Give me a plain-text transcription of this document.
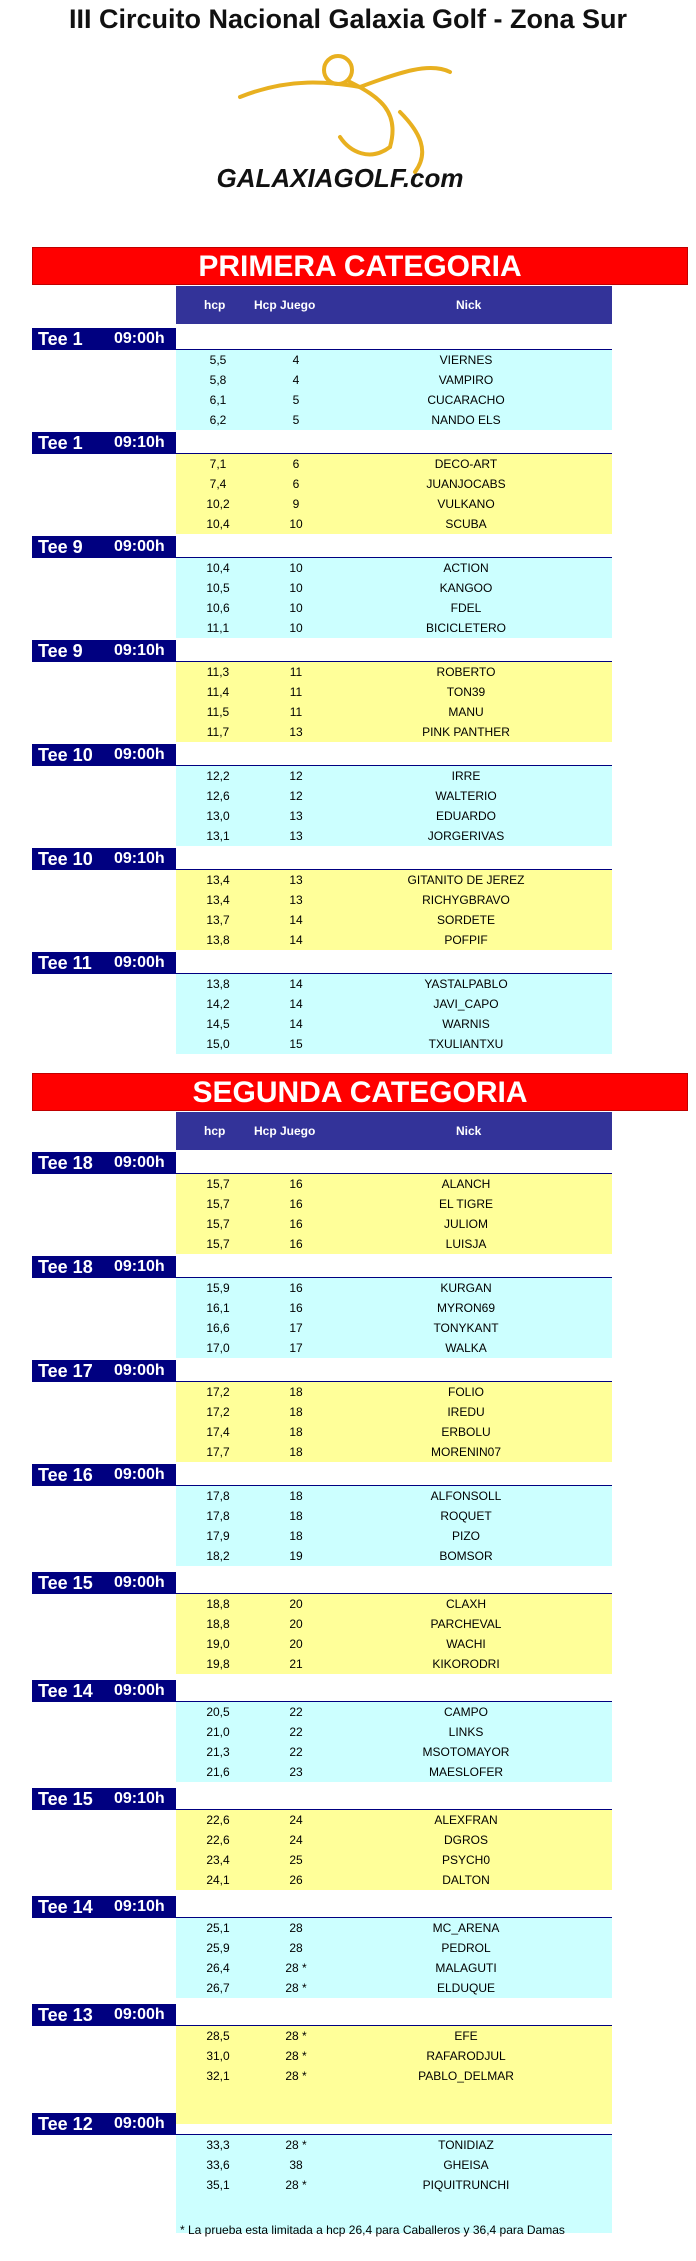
III Circuito Nacional Galaxia Golf - Zona Sur
GALAXIAGOLF.com
PRIMERA CATEGORIA
hcp Hcp Juego	Nick
Tee 1 09:00h
5,5	4	VIERNES
5,8	4	VAMPIRO
6,1	5	CUCARACHO
6,2	5	NANDO ELS
Tee 1 09:10h
7,1	6	DECO-ART
7,4	6	JUANJOCABS
10,2	9	VULKANO
10,4	10	SCUBA
Tee 9 09:00h
10,4	10	ACTION
10,5	10	KANGOO
10,6	10	FDEL
11,1	10	BICICLETERO
Tee 9 09:10h
11,3	11	ROBERTO
11,4	11	TON39
11,5	11	MANU
11,7	13	PINK PANTHER
Tee 10 09:00h
12,2	12	IRRE
12,6	12	WALTERIO
13,0	13	EDUARDO
13,1	13	JORGERIVAS
Tee 10 09:10h
13,4	13	GITANITO DE JEREZ
13,4	13	RICHYGBRAVO
13,7	14	SORDETE
13,8	14	POFPIF
Tee 11 09:00h
13,8	14	YASTALPABLO
14,2	14	JAVI_CAPO
14,5	14	WARNIS
15,0	15	TXULIANTXU
SEGUNDA CATEGORIA
hcp Hcp Juego	Nick
Tee 18 09:00h
15,7	16	ALANCH
15,7	16	EL TIGRE
15,7	16	JULIOM
15,7	16	LUISJA
Tee 18 09:10h
15,9	16	KURGAN
16,1	16	MYRON69
16,6	17	TONYKANT
17,0	17	WALKA
Tee 17 09:00h
17,2	18	FOLIO
17,2	18	IREDU
17,4	18	ERBOLU
17,7	18	MORENIN07
Tee 16 09:00h
17,8	18	ALFONSOLL
17,8	18	ROQUET
17,9	18	PIZO
18,2	19	BOMSOR
Tee 15 09:00h
18,8	20	CLAXH
18,8	20	PARCHEVAL
19,0	20	WACHI
19,8	21	KIKORODRI
Tee 14 09:00h
20,5	22	CAMPO
21,0	22	LINKS
21,3	22	MSOTOMAYOR
21,6	23	MAESLOFER
Tee 15 09:10h
22,6	24	ALEXFRAN
22,6	24	DGROS
23,4	25	PSYCH0
24,1	26	DALTON
Tee 14 09:10h
25,1	28	MC_ARENA
25,9	28	PEDROL
26,4	28 *	MALAGUTI
26,7	28 *	ELDUQUE
Tee 13 09:00h
28,5	28 *	EFE
31,0	28 *	RAFARODJUL
32,1	28 *	PABLO_DELMAR
Tee 12 09:00h
33,3	28 *	TONIDIAZ
33,6	38	GHEISA
35,1	28 *	PIQUITRUNCHI
* La prueba esta limitada a hcp 26,4 para Caballeros y 36,4 para Damas
